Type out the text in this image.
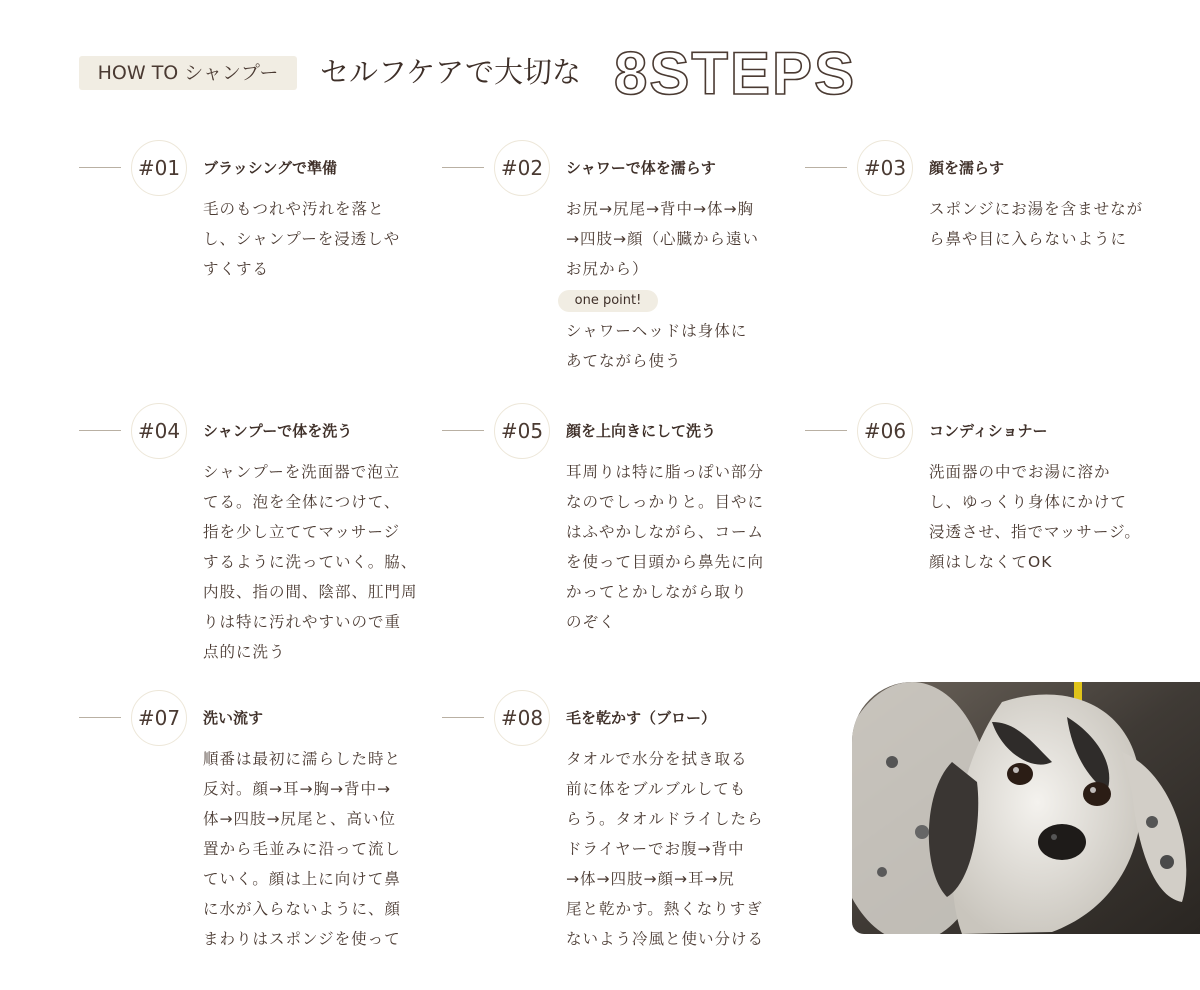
HOW TO シャンプー	セルフケアで大切な 8STEPS
#01	ブラッシングで準備
毛のもつれや汚れを落と
し、シャンプーを浸透しや
すくする
#02	シャワーで体を濡らす
お尻→尻尾→背中→体→胸
→四肢→顔（心臓から遠い
お尻から）
one point!
シャワーヘッドは身体に
あてながら使う
#03	顔を濡らす
スポンジにお湯を含ませなが
ら鼻や目に入らないように
#04	シャンプーで体を洗う
シャンプーを洗面器で泡立
てる。泡を全体につけて、
指を少し立ててマッサージ
するように洗っていく。脇、
内股、指の間、陰部、肛門周
りは特に汚れやすいので重
点的に洗う
#05	顔を上向きにして洗う
耳周りは特に脂っぽい部分
なのでしっかりと。目やに
はふやかしながら、コーム
を使って目頭から鼻先に向
かってとかしながら取り
のぞく
#06	コンディショナー
洗面器の中でお湯に溶か
し、ゆっくり身体にかけて
浸透させ、指でマッサージ。
顔はしなくてOK
#07	洗い流す
順番は最初に濡らした時と
反対。顔→耳→胸→背中→
体→四肢→尻尾と、高い位
置から毛並みに沿って流し
ていく。顔は上に向けて鼻
に水が入らないように、顔
まわりはスポンジを使って
#08	毛を乾かす（ブロー）
タオルで水分を拭き取る
前に体をブルブルしても
らう。タオルドライしたら
ドライヤーでお腹→背中
→体→四肢→顔→耳→尻
尾と乾かす。熱くなりすぎ
ないよう冷風と使い分ける
